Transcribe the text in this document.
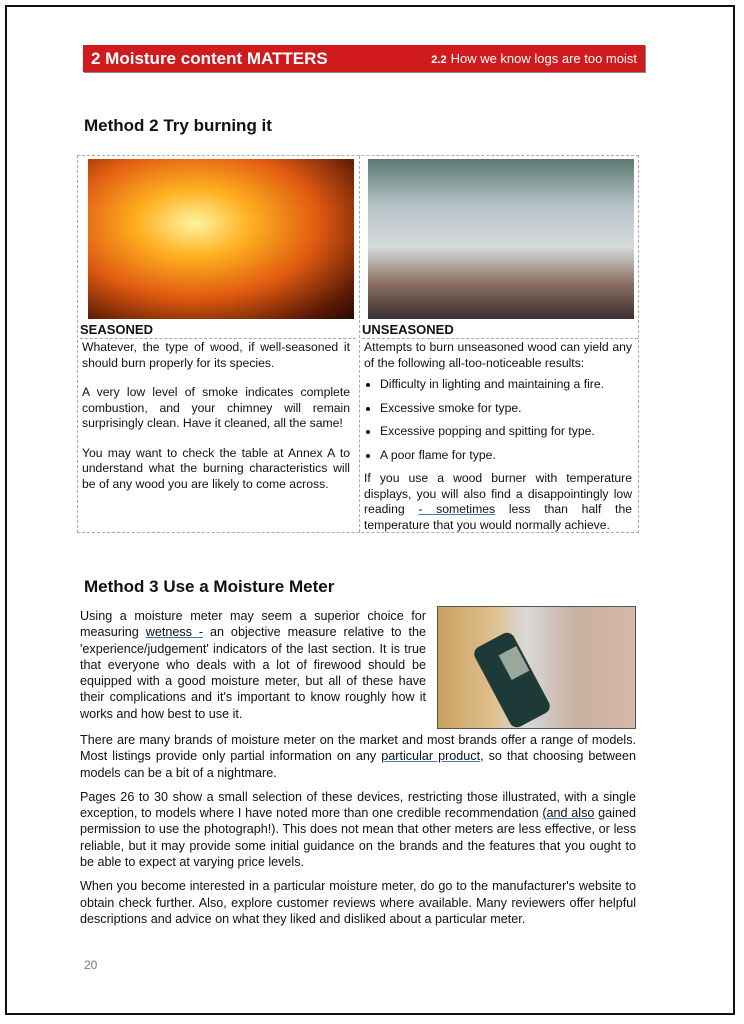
2 Moisture content MATTERS	2.2 How we know logs are too moist
Method 2 Try burning it
SEASONED

Whatever, the type of wood, if well-seasoned it should burn properly for its species.

A very low level of smoke indicates complete combustion, and your chimney will remain surprisingly clean. Have it cleaned, all the same!

You may want to check the table at Annex A to understand what the burning characteristics will be of any wood you are likely to come across.

UNSEASONED

Attempts to burn unseasoned wood can yield any of the following all-too-noticeable results:

• Difficulty in lighting and maintaining a fire.
• Excessive smoke for type.
• Excessive popping and spitting for type.
• A poor flame for type.

If you use a wood burner with temperature displays, you will also find a disappointingly low reading - sometimes less than half the temperature that you would normally achieve.

Method 3 Use a Moisture Meter

Using a moisture meter may seem a superior choice for measuring wetness - an objective measure relative to the 'experience/judgement' indicators of the last section. It is true that everyone who deals with a lot of firewood should be equipped with a good moisture meter, but all of these have their complications and it's important to know roughly how it works and how best to use it.

There are many brands of moisture meter on the market and most brands offer a range of models. Most listings provide only partial information on any particular product, so that choosing between models can be a bit of a nightmare.

Pages 26 to 30 show a small selection of these devices, restricting those illustrated, with a single exception, to models where I have noted more than one credible recommendation (and also gained permission to use the photograph!). This does not mean that other meters are less effective, or less reliable, but it may provide some initial guidance on the brands and the features that you ought to be able to expect at varying price levels.

When you become interested in a particular moisture meter, do go to the manufacturer's website to obtain check further. Also, explore customer reviews where available. Many reviewers offer helpful descriptions and advice on what they liked and disliked about a particular meter.

20
